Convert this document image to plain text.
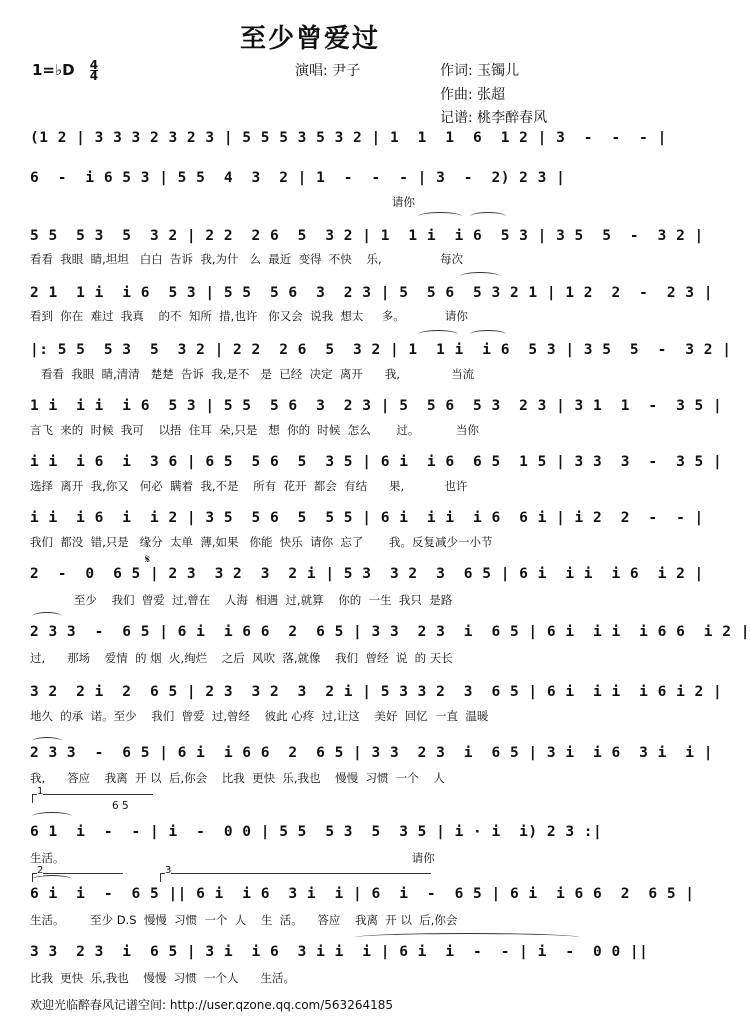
至少曾爱过
1=♭D $\frac{4}{4}$	演唱: 尹子	作词: 玉镯儿
作曲: 张超
记谱: 桃李醉春风
1
2	3
6 5
𝄋
(1 2 | 3 3 3 2 3 2 3 | 5 5 5 3 5 3 2 | 1  1  1  6  1 2 | 3  -  -  - |
6  -  i 6 5 3 | 5 5  4  3  2 | 1  -  -  - | 3  -  2) 2 3 |
请你
5 5  5 3  5  3 2 | 2 2  2 6  5  3 2 | 1  1 i  i 6  5 3 | 3 5  5  -  3 2 |
看看  我眼  睛,坦坦   白白  告诉  我,为什   么  最近  变得  不快    乐,                每次
2 1  1 i  i 6  5 3 | 5 5  5 6  3  2 3 | 5  5 6  5 3 2 1 | 1 2  2  -  2 3 |
看到  你在  难过  我真    的不  知所  措,也许   你又会  说我  想太     多。           请你
|: 5 5  5 3  5  3 2 | 2 2  2 6  5  3 2 | 1  1 i  i 6  5 3 | 3 5  5  -  3 2 |
看看  我眼  睛,清清   楚楚  告诉  我,是不   是  已经  决定  离开      我,              当流
1 i  i i  i 6  5 3 | 5 5  5 6  3  2 3 | 5  5 6  5 3  2 3 | 3 1  1  -  3 5 |
言飞  来的  时候  我可    以捂  住耳  朵,只是   想  你的  时候  怎么       过。          当你
i i  i 6  i  3 6 | 6 5  5 6  5  3 5 | 6 i  i 6  6 5  1 5 | 3 3  3  -  3 5 |
选择  离开  我,你又   何必  瞒着  我,不是    所有  花开  都会  有结      果,           也许
i i  i 6  i  i 2 | 3 5  5 6  5  5 5 | 6 i  i i  i 6  6 i | i 2  2  -  - |
我们  都没  错,只是   缘分  太单  薄,如果   你能  快乐  请你  忘了       我。反复减少一小节
2  -  0  6 5 | 2 3  3 2  3  2 i | 5 3  3 2  3  6 5 | 6 i  i i  i 6  i 2 |
至少    我们  曾爱  过,曾在    人海  相遇  过,就算    你的  一生  我只  是路
2 3 3  -  6 5 | 6 i  i 6 6  2  6 5 | 3 3  2 3  i  6 5 | 6 i  i i  i 6 6  i 2 |
过,      那场    爱情  的 烟  火,绚烂    之后  风吹  落,就像    我们  曾经  说  的 天长
3 2  2 i  2  6 5 | 2 3  3 2  3  2 i | 5 3 3 2  3  6 5 | 6 i  i i  i 6 i 2 |
地久  的承  诺。至少    我们  曾爱  过,曾经    彼此 心疼  过,让这    美好  回忆  一直  温暖
2 3 3  -  6 5 | 6 i  i 6 6  2  6 5 | 3 3  2 3  i  6 5 | 3 i  i 6  3 i  i |
我,      答应    我离  开 以  后,你会    比我  更快  乐,我也    慢慢  习惯  一个    人
6 1  i  -  - | i  -  0 0 | 5 5  5 3  5  3 5 | i · i  i) 2 3 :|
生活。                                                                                               请你
6 i  i  -  6 5 || 6 i  i 6  3 i  i | 6  i  -  6 5 | 6 i  i 6 6  2  6 5 |
生活。       至少 D.S  慢慢  习惯  一个  人    生  活。    答应    我离  开 以  后,你会
3 3  2 3  i  6 5 | 3 i  i 6  3 i i  i | 6 i  i  -  - | i  -  0 0 ||
比我  更快  乐,我也    慢慢  习惯  一个人      生活。
欢迎光临醉春风记谱空间: http://user.qzone.qq.com/563264185
